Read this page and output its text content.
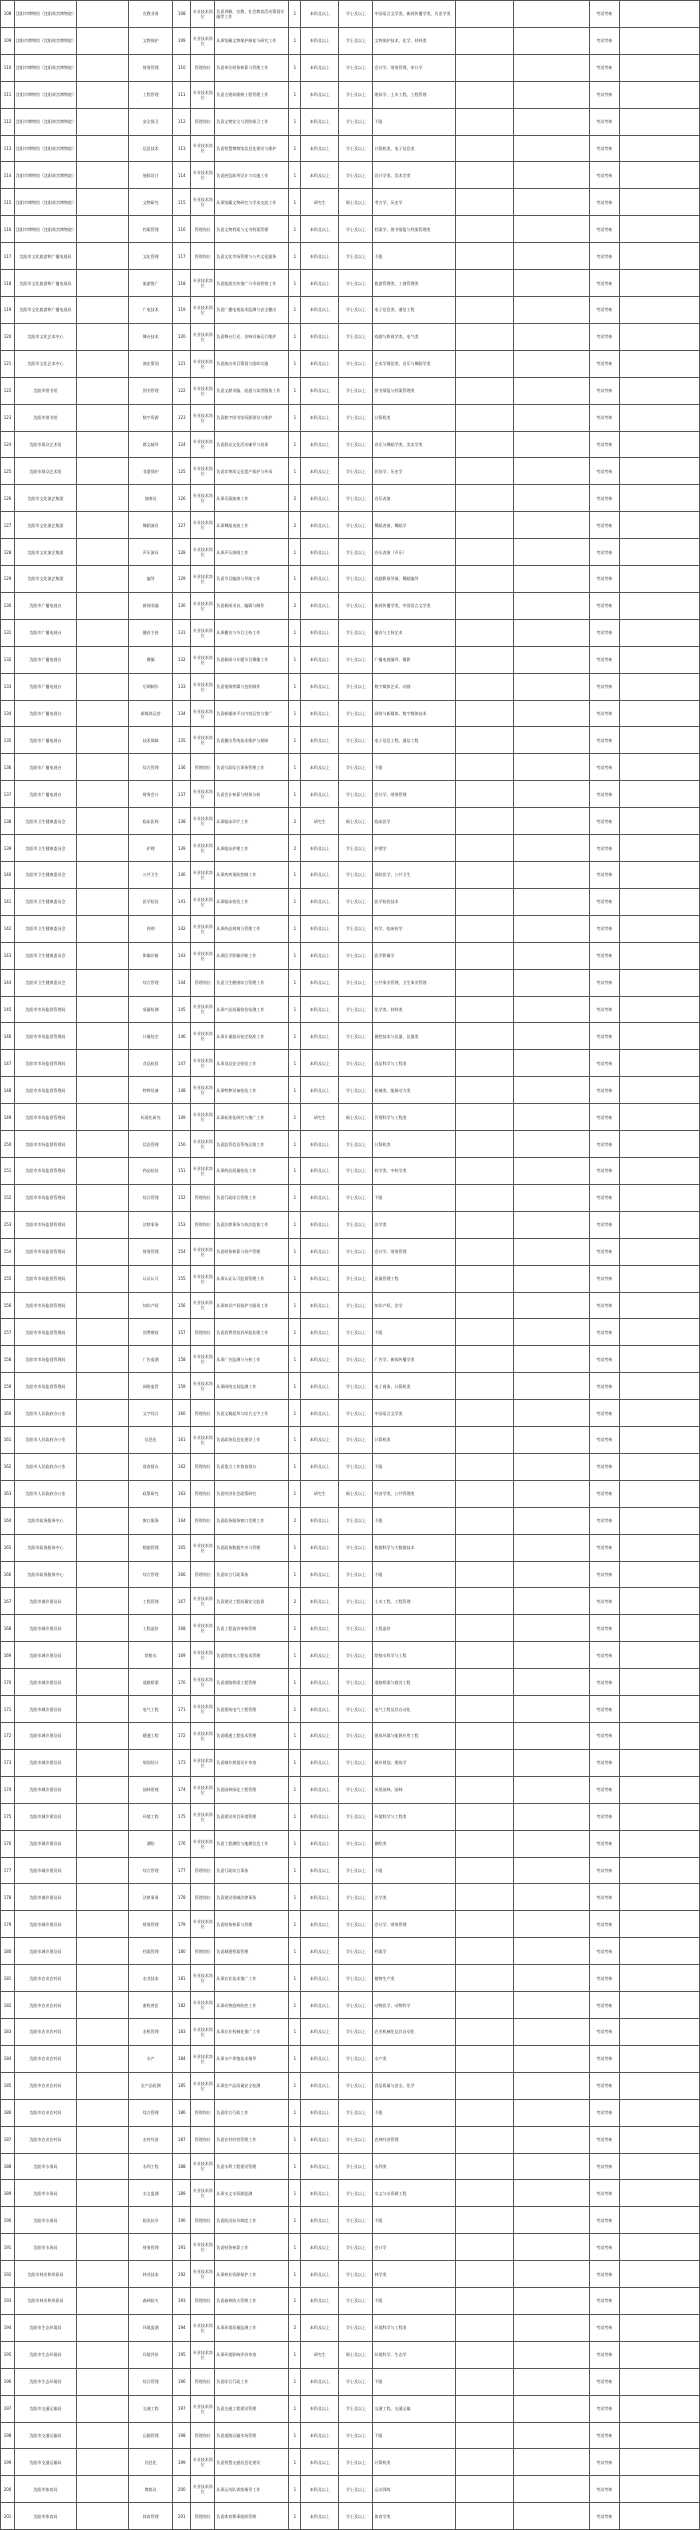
108	沈阳市博物馆（沈阳故宫博物院）		宣教业务	108	专业技术岗位	负责讲解、宣教、社会教育活动策划实施等工作	1	本科及以上	学士及以上	中国语言文学类、新闻传播学类、历史学类			考试考核	
109	沈阳市博物馆（沈阳故宫博物院）		文物保护	109	专业技术岗位	从事馆藏文物保护修复与研究工作	1	本科及以上	学士及以上	文物保护技术、化学、材料类			考试考核	
110	沈阳市博物馆（沈阳故宫博物院）		财务管理	110	管理岗位	负责单位财务核算与管理工作	1	本科及以上	学士及以上	会计学、财务管理、审计学			考试考核	
111	沈阳市博物馆（沈阳故宫博物院）		工程管理	111	专业技术岗位	负责古建筑维修工程管理工作	1	本科及以上	学士及以上	建筑学、土木工程、工程管理			考试考核	
112	沈阳市博物馆（沈阳故宫博物院）		安全保卫	112	管理岗位	负责文物安全与消防保卫工作	1	本科及以上	学士及以上	不限			考试考核	
113	沈阳市博物馆（沈阳故宫博物院）		信息技术	113	专业技术岗位	负责智慧博物馆信息化建设与维护	1	本科及以上	学士及以上	计算机类、电子信息类			考试考核	
114	沈阳市博物馆（沈阳故宫博物院）		展陈设计	114	专业技术岗位	负责展览陈列设计与实施工作	1	本科及以上	学士及以上	设计学类、美术学类			考试考核	
115	沈阳市博物馆（沈阳故宫博物院）		文物研究	115	专业技术岗位	从事馆藏文物研究与学术交流工作	1	研究生	硕士及以上	考古学、历史学			考试考核	
116	沈阳市博物馆（沈阳故宫博物院）		档案管理	116	管理岗位	负责文物档案与文书档案管理	1	本科及以上	学士及以上	档案学、图书情报与档案管理类			考试考核	
117	沈阳市文化旅游和广播电视局		文化管理	117	管理岗位	负责文化市场管理与公共文化服务	1	本科及以上	学士及以上	不限			考试考核	
118	沈阳市文化旅游和广播电视局		旅游推广	118	专业技术岗位	负责旅游宣传推广与市场营销工作	1	本科及以上	学士及以上	旅游管理类、工商管理类			考试考核	
119	沈阳市文化旅游和广播电视局		广电技术	119	专业技术岗位	负责广播电视技术监测与安全播出	1	本科及以上	学士及以上	电子信息类、通信工程			考试考核	
120	沈阳市文化艺术中心		舞台技术	120	专业技术岗位	负责舞台灯光、音响设备运行维护	1	本科及以上	学士及以上	戏剧与影视学类、电气类			考试考核	
121	沈阳市文化艺术中心		演出策划	121	专业技术岗位	负责演出项目策划与组织实施	1	本科及以上	学士及以上	艺术学理论类、音乐与舞蹈学类			考试考核	
122	沈阳市图书馆		图书管理	122	专业技术岗位	负责文献采编、流通与读者服务工作	1	本科及以上	学士及以上	图书情报与档案管理类			考试考核	
123	沈阳市图书馆		数字资源	123	专业技术岗位	负责数字图书馆资源建设与维护	1	本科及以上	学士及以上	计算机类			考试考核	
124	沈阳市群众艺术馆		群文辅导	124	专业技术岗位	负责群众文化活动辅导与培训	1	本科及以上	学士及以上	音乐与舞蹈学类、美术学类			考试考核	
125	沈阳市群众艺术馆		非遗保护	125	专业技术岗位	负责非物质文化遗产保护与传承	1	本科及以上	学士及以上	民俗学、历史学			考试考核	
126	沈阳市文化演艺集团		演奏员	126	专业技术岗位	从事乐器演奏工作	2	本科及以上	学士及以上	音乐表演			考试考核	
127	沈阳市文化演艺集团		舞蹈演员	127	专业技术岗位	从事舞蹈表演工作	2	本科及以上	学士及以上	舞蹈表演、舞蹈学			考试考核	
128	沈阳市文化演艺集团		声乐演员	128	专业技术岗位	从事声乐演唱工作	1	本科及以上	学士及以上	音乐表演（声乐）			考试考核	
129	沈阳市文化演艺集团		编导	129	专业技术岗位	负责节目编创与导演工作	1	本科及以上	学士及以上	戏剧影视导演、舞蹈编导			考试考核	
130	沈阳市广播电视台		新闻采编	130	专业技术岗位	负责新闻采访、编辑与制作	2	本科及以上	学士及以上	新闻传播学类、中国语言文学类			考试考核	
131	沈阳市广播电视台		播音主持	131	专业技术岗位	从事播音与节目主持工作	1	本科及以上	学士及以上	播音与主持艺术			考试考核	
132	沈阳市广播电视台		摄像	132	专业技术岗位	负责新闻与专题节目摄像工作	1	本科及以上	学士及以上	广播电视编导、摄影			考试考核	
133	沈阳市广播电视台		后期制作	133	专业技术岗位	负责视频剪辑与包装制作	1	本科及以上	学士及以上	数字媒体艺术、动画			考试考核	
134	沈阳市广播电视台		新媒体运营	134	专业技术岗位	负责新媒体平台内容运营与推广	1	本科及以上	学士及以上	网络与新媒体、数字媒体技术			考试考核	
135	沈阳市广播电视台		技术保障	135	专业技术岗位	负责播出系统技术维护与保障	1	本科及以上	学士及以上	电子信息工程、通信工程			考试考核	
136	沈阳市广播电视台		综合管理	136	管理岗位	负责行政综合事务管理工作	1	本科及以上	学士及以上	不限			考试考核	
137	沈阳市广播电视台		财务会计	137	专业技术岗位	负责会计核算与财务分析	1	本科及以上	学士及以上	会计学、财务管理			考试考核	
138	沈阳市卫生健康委员会		临床医师	138	专业技术岗位	从事临床诊疗工作	2	研究生	硕士及以上	临床医学			考试考核	
139	沈阳市卫生健康委员会		护理	139	专业技术岗位	从事临床护理工作	2	本科及以上	学士及以上	护理学			考试考核	
140	沈阳市卫生健康委员会		公共卫生	140	专业技术岗位	从事疾病预防控制工作	1	本科及以上	学士及以上	预防医学、公共卫生			考试考核	
141	沈阳市卫生健康委员会		医学检验	141	专业技术岗位	从事临床检验工作	1	本科及以上	学士及以上	医学检验技术			考试考核	
142	沈阳市卫生健康委员会		药剂	142	专业技术岗位	从事药品调剂与管理工作	1	本科及以上	学士及以上	药学、临床药学			考试考核	
143	沈阳市卫生健康委员会		影像诊断	143	专业技术岗位	从事医学影像诊断工作	1	本科及以上	学士及以上	医学影像学			考试考核	
144	沈阳市卫生健康委员会		综合管理	144	管理岗位	负责卫生健康综合管理工作	1	本科及以上	学士及以上	公共事业管理、卫生事业管理			考试考核	
145	沈阳市市场监督管理局		质量检测	145	专业技术岗位	从事产品质量检验检测工作	1	本科及以上	学士及以上	化学类、材料类			考试考核	
146	沈阳市市场监督管理局		计量检定	146	专业技术岗位	从事计量器具检定校准工作	1	本科及以上	学士及以上	测控技术与仪器、仪器类			考试考核	
147	沈阳市市场监督管理局		食品检验	147	专业技术岗位	从事食品安全检验工作	1	本科及以上	学士及以上	食品科学与工程类			考试考核	
148	沈阳市市场监督管理局		特种设备	148	专业技术岗位	从事特种设备检验工作	1	本科及以上	学士及以上	机械类、能源动力类			考试考核	
149	沈阳市市场监督管理局		标准化研究	149	专业技术岗位	从事标准化研究与推广工作	1	研究生	硕士及以上	管理科学与工程类			考试考核	
150	沈阳市市场监督管理局		信息管理	150	专业技术岗位	负责监管信息系统运维工作	1	本科及以上	学士及以上	计算机类			考试考核	
151	沈阳市市场监督管理局		药品检验	151	专业技术岗位	从事药品质量检验工作	1	本科及以上	学士及以上	药学类、中药学类			考试考核	
152	沈阳市市场监督管理局		综合管理	152	管理岗位	负责行政综合管理工作	1	本科及以上	学士及以上	不限			考试考核	
153	沈阳市市场监督管理局		法律事务	153	管理岗位	负责法律事务与执法监督工作	1	本科及以上	学士及以上	法学类			考试考核	
154	沈阳市市场监督管理局		财务管理	154	专业技术岗位	负责财务核算与资产管理	1	本科及以上	学士及以上	会计学、财务管理			考试考核	
155	沈阳市市场监督管理局		认证认可	155	专业技术岗位	从事认证认可监督管理工作	1	本科及以上	学士及以上	质量管理工程			考试考核	
156	沈阳市市场监督管理局		知识产权	156	专业技术岗位	从事知识产权保护与服务工作	1	本科及以上	学士及以上	知识产权、法学			考试考核	
157	沈阳市市场监督管理局		消费维权	157	管理岗位	负责消费者投诉举报处理工作	1	本科及以上	学士及以上	不限			考试考核	
158	沈阳市市场监督管理局		广告监测	158	专业技术岗位	从事广告监测与分析工作	1	本科及以上	学士及以上	广告学、新闻传播学类			考试考核	
159	沈阳市市场监督管理局		网络监管	159	专业技术岗位	从事网络交易监测工作	1	本科及以上	学士及以上	电子商务、计算机类			考试考核	
160	沈阳市人民政府办公室		文字综合	160	管理岗位	负责文稿起草与综合文字工作	1	本科及以上	学士及以上	中国语言文学类			考试考核	
161	沈阳市人民政府办公室		信息化	161	专业技术岗位	负责政务信息化建设工作	1	本科及以上	学士及以上	计算机类			考试考核	
162	沈阳市人民政府办公室		督查督办	162	管理岗位	负责重点工作督查督办	1	本科及以上	学士及以上	不限			考试考核	
163	沈阳市人民政府办公室		政策研究	163	管理岗位	负责经济社会政策研究	1	研究生	硕士及以上	经济学类、公共管理类			考试考核	
164	沈阳市政务服务中心		窗口服务	164	管理岗位	负责政务服务窗口受理工作	2	本科及以上	学士及以上	不限			考试考核	
165	沈阳市政务服务中心		数据管理	165	专业技术岗位	负责政务数据共享与管理	1	本科及以上	学士及以上	数据科学与大数据技术			考试考核	
166	沈阳市政务服务中心		综合管理	166	管理岗位	负责综合行政事务	1	本科及以上	学士及以上	不限			考试考核	
167	沈阳市城乡建设局		工程管理	167	专业技术岗位	负责建设工程质量安全监督	2	本科及以上	学士及以上	土木工程、工程管理			考试考核	
168	沈阳市城乡建设局		工程造价	168	专业技术岗位	负责工程造价审核管理	1	本科及以上	学士及以上	工程造价			考试考核	
169	沈阳市城乡建设局		给排水	169	专业技术岗位	负责给排水工程技术管理	1	本科及以上	学士及以上	给排水科学与工程			考试考核	
170	沈阳市城乡建设局		道路桥梁	170	专业技术岗位	负责道路桥梁工程管理	1	本科及以上	学士及以上	道路桥梁与渡河工程			考试考核	
171	沈阳市城乡建设局		电气工程	171	专业技术岗位	负责建筑电气工程管理	1	本科及以上	学士及以上	电气工程及其自动化			考试考核	
172	沈阳市城乡建设局		暖通工程	172	专业技术岗位	负责暖通工程技术管理	1	本科及以上	学士及以上	建筑环境与能源应用工程			考试考核	
173	沈阳市城乡建设局		规划设计	173	专业技术岗位	负责城乡规划设计审查	1	本科及以上	学士及以上	城乡规划、建筑学			考试考核	
174	沈阳市城乡建设局		园林景观	174	专业技术岗位	负责园林绿化工程管理	1	本科及以上	学士及以上	风景园林、园林			考试考核	
175	沈阳市城乡建设局		环境工程	175	专业技术岗位	负责建设项目环境管理	1	本科及以上	学士及以上	环境科学与工程类			考试考核	
176	沈阳市城乡建设局		测绘	176	专业技术岗位	负责工程测绘与地理信息工作	1	本科及以上	学士及以上	测绘类			考试考核	
177	沈阳市城乡建设局		综合管理	177	管理岗位	负责行政综合事务	1	本科及以上	学士及以上	不限			考试考核	
178	沈阳市城乡建设局		法律事务	178	管理岗位	负责建设领域法律事务	1	本科及以上	学士及以上	法学类			考试考核	
179	沈阳市城乡建设局		财务管理	179	专业技术岗位	负责财务核算与管理	1	本科及以上	学士及以上	会计学、财务管理			考试考核	
180	沈阳市城乡建设局		档案管理	180	管理岗位	负责城建档案管理	1	本科及以上	学士及以上	档案学			考试考核	
181	沈阳市农业农村局		农业技术	181	专业技术岗位	从事农业技术推广工作	1	本科及以上	学士及以上	植物生产类			考试考核	
182	沈阳市农业农村局		畜牧兽医	182	专业技术岗位	从事动物疫病防控工作	1	本科及以上	学士及以上	动物医学、动物科学			考试考核	
183	沈阳市农业农村局		农机管理	183	专业技术岗位	从事农业机械化推广工作	1	本科及以上	学士及以上	农业机械化及其自动化			考试考核	
184	沈阳市农业农村局		水产	184	专业技术岗位	从事水产养殖技术指导	1	本科及以上	学士及以上	水产类			考试考核	
185	沈阳市农业农村局		农产品检测	185	专业技术岗位	从事农产品质量安全检测	1	本科及以上	学士及以上	食品质量与安全、化学			考试考核	
186	沈阳市农业农村局		综合管理	186	管理岗位	负责综合行政工作	1	本科及以上	学士及以上	不限			考试考核	
187	沈阳市农业农村局		农村经济	187	管理岗位	负责农村经营管理工作	1	本科及以上	学士及以上	农林经济管理			考试考核	
188	沈阳市水务局		水利工程	188	专业技术岗位	负责水利工程建设管理	1	本科及以上	学士及以上	水利类			考试考核	
189	沈阳市水务局		水文监测	189	专业技术岗位	从事水文水资源监测	1	本科及以上	学士及以上	水文与水资源工程			考试考核	
190	沈阳市水务局		防汛抗旱	190	管理岗位	负责防汛抗旱调度工作	1	本科及以上	学士及以上	不限			考试考核	
191	沈阳市水务局		财务管理	191	专业技术岗位	负责财务核算工作	1	本科及以上	学士及以上	会计学			考试考核	
192	沈阳市林业和草原局		林业技术	192	专业技术岗位	从事林业资源保护工作	1	本科及以上	学士及以上	林学类			考试考核	
193	沈阳市林业和草原局		森林防火	193	管理岗位	负责森林防火管理工作	1	本科及以上	学士及以上	不限			考试考核	
194	沈阳市生态环境局		环境监测	194	专业技术岗位	从事环境质量监测工作	2	本科及以上	学士及以上	环境科学与工程类			考试考核	
195	沈阳市生态环境局		环境评价	195	专业技术岗位	从事环境影响评价审查	1	研究生	硕士及以上	环境科学、生态学			考试考核	
196	沈阳市生态环境局		综合管理	196	管理岗位	负责综合行政工作	1	本科及以上	学士及以上	不限			考试考核	
197	沈阳市交通运输局		交通工程	197	专业技术岗位	负责交通工程建设管理	1	本科及以上	学士及以上	交通工程、交通运输			考试考核	
198	沈阳市交通运输局		运输管理	198	管理岗位	负责道路运输市场管理	1	本科及以上	学士及以上	不限			考试考核	
199	沈阳市交通运输局		信息化	199	专业技术岗位	负责智慧交通信息化建设	1	本科及以上	学士及以上	计算机类			考试考核	
200	沈阳市体育局		教练员	200	专业技术岗位	从事运动队训练指导工作	1	本科及以上	学士及以上	运动训练			考试考核	
201	沈阳市体育局		体育管理	201	管理岗位	负责体育赛事组织管理	1	本科及以上	学士及以上	体育学类			考试考核	
